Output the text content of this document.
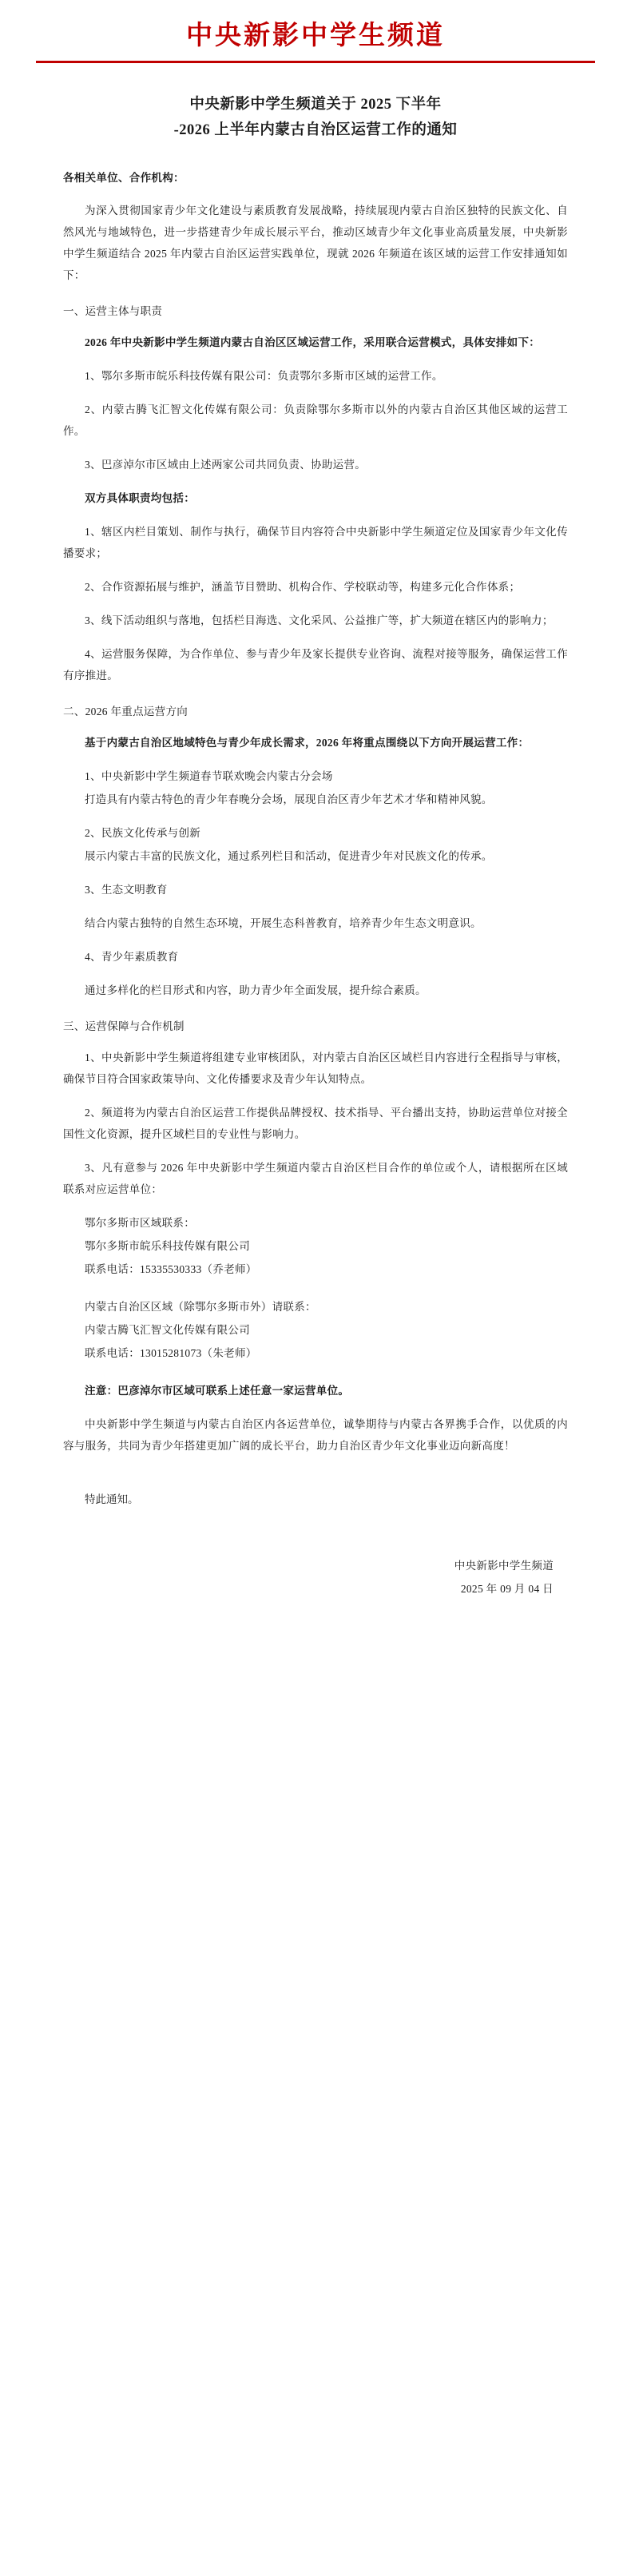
中央新影中学生频道
中央新影中学生频道关于 2025 下半年
-2026 上半年内蒙古自治区运营工作的通知

各相关单位、合作机构：

为深入贯彻国家青少年文化建设与素质教育发展战略，持续展现内蒙古自治区独特的民族文化、自然风光与地域特色，进一步搭建青少年成长展示平台，推动区域青少年文化事业高质量发展，中央新影中学生频道结合 2025 年内蒙古自治区运营实践单位，现就 2026 年频道在该区域的运营工作安排通知如下：

一、运营主体与职责

2026 年中央新影中学生频道内蒙古自治区区域运营工作，采用联合运营模式，具体安排如下：

1、鄂尔多斯市皖乐科技传媒有限公司：负责鄂尔多斯市区域的运营工作。

2、内蒙古腾飞汇智文化传媒有限公司：负责除鄂尔多斯市以外的内蒙古自治区其他区域的运营工作。

3、巴彦淖尔市区域由上述两家公司共同负责、协助运营。

双方具体职责均包括：

1、辖区内栏目策划、制作与执行，确保节目内容符合中央新影中学生频道定位及国家青少年文化传播要求；

2、合作资源拓展与维护，涵盖节目赞助、机构合作、学校联动等，构建多元化合作体系；

3、线下活动组织与落地，包括栏目海选、文化采风、公益推广等，扩大频道在辖区内的影响力；

4、运营服务保障，为合作单位、参与青少年及家长提供专业咨询、流程对接等服务，确保运营工作有序推进。

二、2026 年重点运营方向

基于内蒙古自治区地域特色与青少年成长需求，2026 年将重点围绕以下方向开展运营工作：

1、中央新影中学生频道春节联欢晚会内蒙古分会场

打造具有内蒙古特色的青少年春晚分会场，展现自治区青少年艺术才华和精神风貌。

2、民族文化传承与创新

展示内蒙古丰富的民族文化，通过系列栏目和活动，促进青少年对民族文化的传承。

3、生态文明教育

结合内蒙古独特的自然生态环境，开展生态科普教育，培养青少年生态文明意识。

4、青少年素质教育

通过多样化的栏目形式和内容，助力青少年全面发展，提升综合素质。

三、运营保障与合作机制

1、中央新影中学生频道将组建专业审核团队，对内蒙古自治区区域栏目内容进行全程指导与审核，确保节目符合国家政策导向、文化传播要求及青少年认知特点。

2、频道将为内蒙古自治区运营工作提供品牌授权、技术指导、平台播出支持，协助运营单位对接全国性文化资源，提升区域栏目的专业性与影响力。

3、凡有意参与 2026 年中央新影中学生频道内蒙古自治区栏目合作的单位或个人，请根据所在区域联系对应运营单位：

鄂尔多斯市区域联系：

鄂尔多斯市皖乐科技传媒有限公司

联系电话：15335530333（乔老师）

内蒙古自治区区域（除鄂尔多斯市外）请联系：

内蒙古腾飞汇智文化传媒有限公司

联系电话：13015281073（朱老师）

注意：巴彦淖尔市区域可联系上述任意一家运营单位。

中央新影中学生频道与内蒙古自治区内各运营单位，诚挚期待与内蒙古各界携手合作，以优质的内容与服务，共同为青少年搭建更加广阔的成长平台，助力自治区青少年文化事业迈向新高度！

特此通知。
中央新影中学生频道
2025 年 09 月 04 日
